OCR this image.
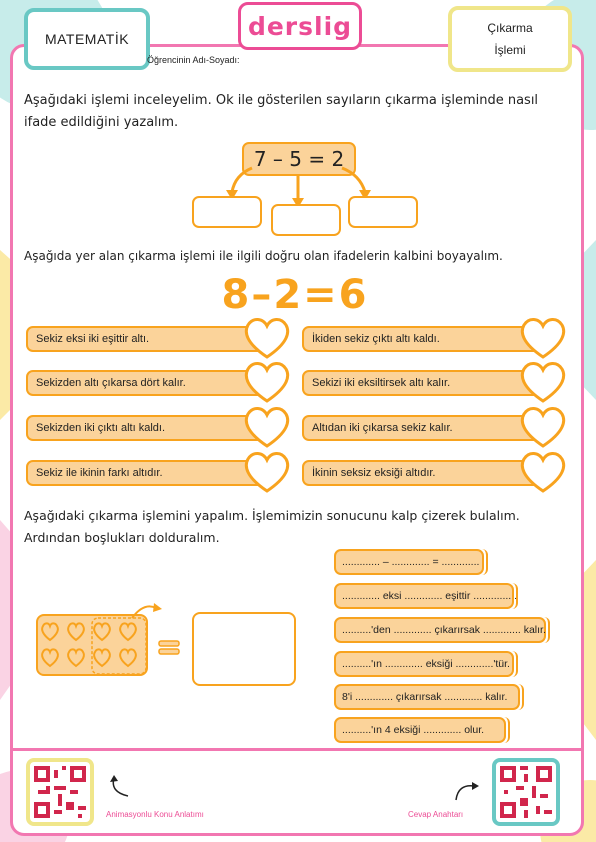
MATEMATİK	derslig	Çıkarma
İşlemi
Öğrencinin Adı-Soyadı:
Aşağıdaki işlemi inceleyelim. Ok ile gösterilen sayıların çıkarma işleminde nasıl
ifade edildiğini yazalım.
7 – 5 = 2
Aşağıda yer alan çıkarma işlemi ile ilgili doğru olan ifadelerin kalbini boyayalım.
8–2=6
Sekiz eksi iki eşittir altı.
Sekizden altı çıkarsa dört kalır.
Sekizden iki çıktı altı kaldı.
Sekiz ile ikinin farkı altıdır.
İkiden sekiz çıktı altı kaldı.
Sekizi iki eksiltirsek altı kalır.
Altıdan iki çıkarsa sekiz kalır.
İkinin seksiz eksiği altıdır.
Aşağıdaki çıkarma işlemini yapalım. İşlemimizin sonucunu kalp çizerek bulalım.
Ardından boşlukları dolduralım.
............. – ............. = .............
............. eksi ............. eşittir ............. .
..........'den ............. çıkarırsak ............. kalır.
..........'ın ............. eksiği .............'tür.
8'i ............. çıkarırsak ............. kalır.
..........'ın 4 eksiği ............. olur.
Animasyonlu Konu Anlatımı	Cevap Anahtarı
